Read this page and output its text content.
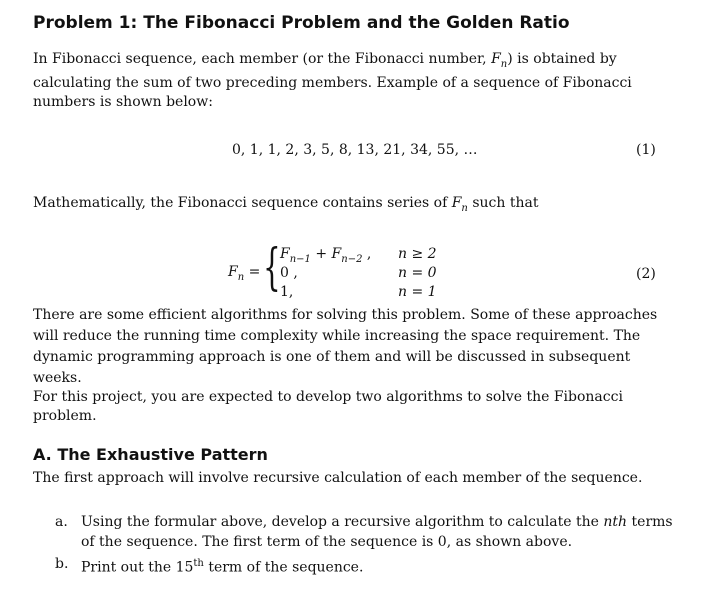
Problem 1: The Fibonacci Problem and the Golden Ratio
In Fibonacci sequence, each member (or the Fibonacci number, $F_n$) is obtained by calculating the sum of two preceding members. Example of a sequence of Fibonacci numbers is shown below:
0, 1, 1, 2, 3, 5, 8, 13, 21, 34, 55, …	(1)
Mathematically, the Fibonacci sequence contains series of $F_n$ such that
$F_n$ = { $F_{n-1} + F_{n-2}$ , n ≥ 2
0 ,	n = 0
1,	n = 1
(2)
There are some efficient algorithms for solving this problem. Some of these approaches will reduce the running time complexity while increasing the space requirement. The dynamic programming approach is one of them and will be discussed in subsequent weeks.
For this project, you are expected to develop two algorithms to solve the Fibonacci problem.
A. The Exhaustive Pattern
The first approach will involve recursive calculation of each member of the sequence.
a. Using the formular above, develop a recursive algorithm to calculate the nth terms of the sequence. The first term of the sequence is 0, as shown above.
b. Print out the 15th term of the sequence.
